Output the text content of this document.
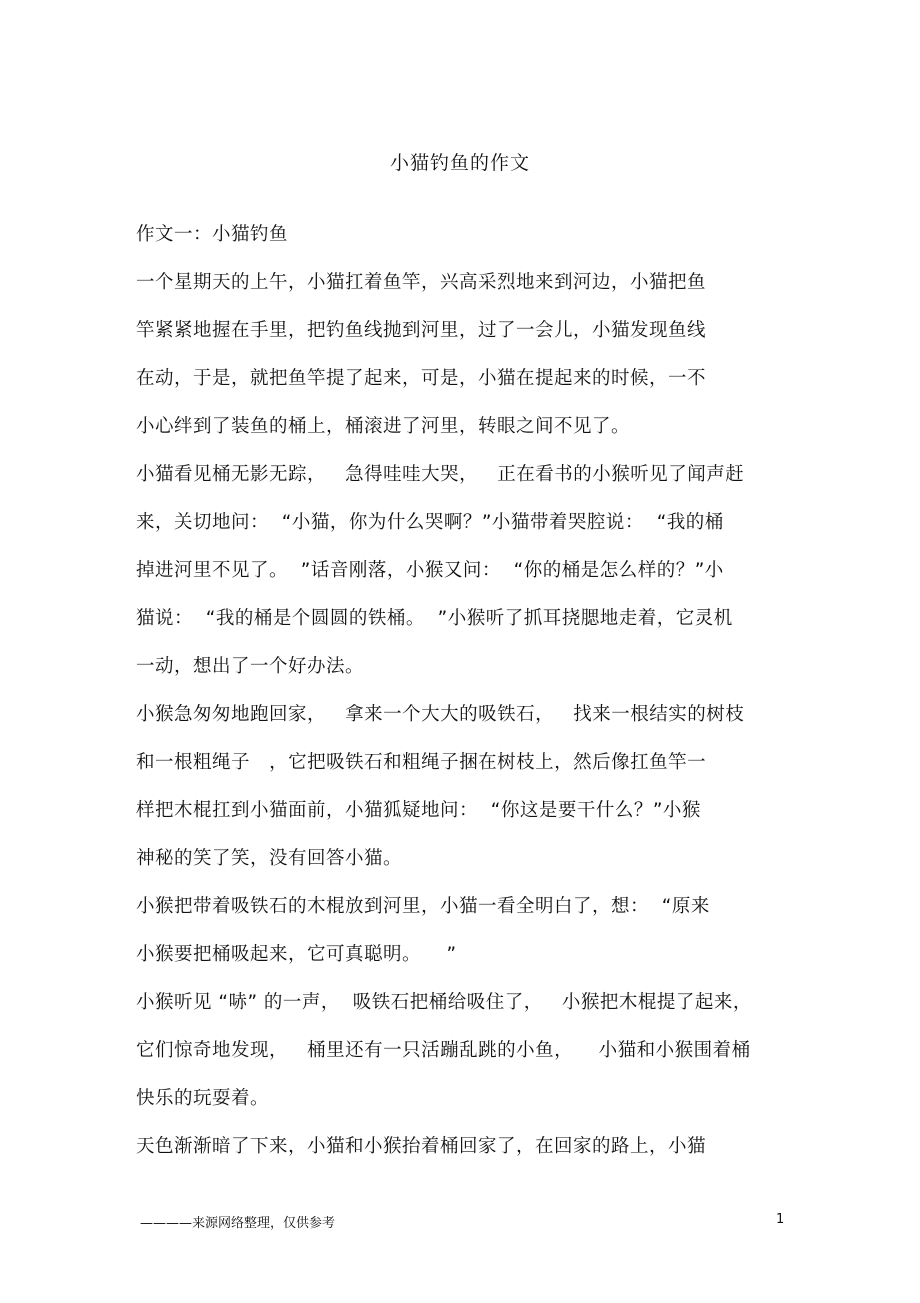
小猫钓鱼的作文
作文一：小猫钓鱼
一个星期天的上午，小猫扛着鱼竿，兴高采烈地来到河边，小猫把鱼
竿紧紧地握在手里，把钓鱼线抛到河里，过了一会儿，小猫发现鱼线
在动，于是，就把鱼竿提了起来，可是，小猫在提起来的时候，一不
小心绊到了装鱼的桶上，桶滚进了河里，转眼之间不见了。
小猫看见桶无影无踪，   急得哇哇大哭，   正在看书的小猴听见了闻声赶
来，关切地问：  “小猫，你为什么哭啊？”小猫带着哭腔说：  “我的桶
掉进河里不见了。  ”话音刚落，小猴又问：  “你的桶是怎么样的？”小
猫说：  “我的桶是个圆圆的铁桶。  ”小猴听了抓耳挠腮地走着，它灵机
一动，想出了一个好办法。
小猴急匆匆地跑回家，   拿来一个大大的吸铁石，   找来一根结实的树枝
和一根粗绳子   ，它把吸铁石和粗绳子捆在树枝上，然后像扛鱼竿一
样把木棍扛到小猫面前，小猫狐疑地问：  “你这是要干什么？”小猴
神秘的笑了笑，没有回答小猫。
小猴把带着吸铁石的木棍放到河里，小猫一看全明白了，想：  “原来
小猴要把桶吸起来，它可真聪明。    ”
小猴听见 “哧” 的一声，  吸铁石把桶给吸住了，   小猴把木棍提了起来，
它们惊奇地发现，   桶里还有一只活蹦乱跳的小鱼，    小猫和小猴围着桶
快乐的玩耍着。
天色渐渐暗了下来，小猫和小猴抬着桶回家了，在回家的路上，小猫
————来源网络整理，仅供参考	1
